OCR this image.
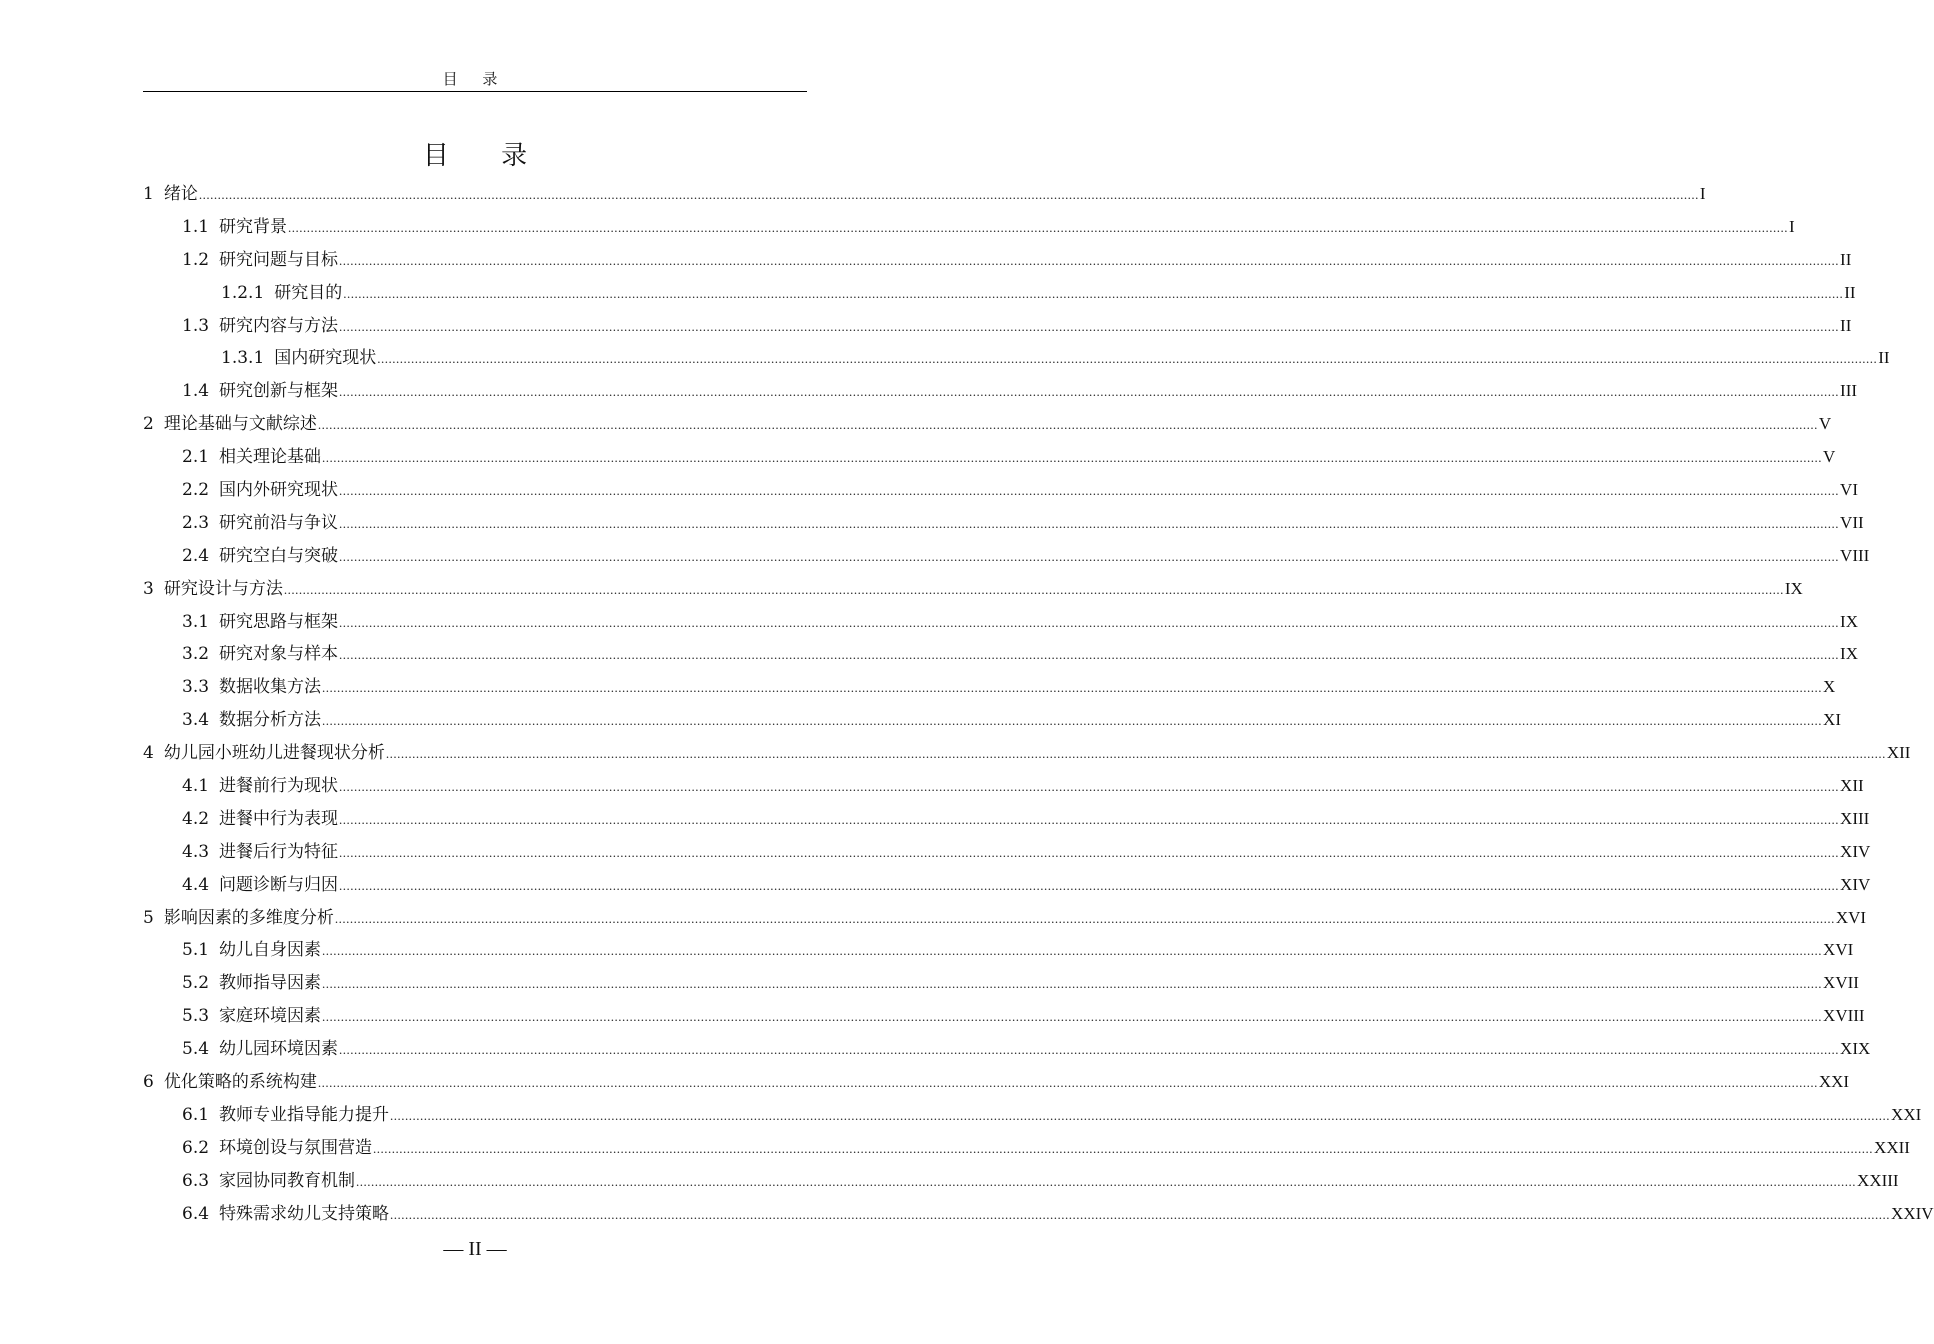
目 录
目 录
1 绪论 ................................................................................................................................................................................................................................................................................................................................................................................................................ I
1.1 研究背景 ................................................................................................................................................................................................................................................................................................................................................................................................................ I
1.2 研究问题与目标 ................................................................................................................................................................................................................................................................................................................................................................................................................ II
1.2.1 研究目的 ................................................................................................................................................................................................................................................................................................................................................................................................................ II
1.3 研究内容与方法 ................................................................................................................................................................................................................................................................................................................................................................................................................ II
1.3.1 国内研究现状 ................................................................................................................................................................................................................................................................................................................................................................................................................ II
1.4 研究创新与框架 ................................................................................................................................................................................................................................................................................................................................................................................................................ III
2 理论基础与文献综述 ................................................................................................................................................................................................................................................................................................................................................................................................................ V
2.1 相关理论基础 ................................................................................................................................................................................................................................................................................................................................................................................................................ V
2.2 国内外研究现状 ................................................................................................................................................................................................................................................................................................................................................................................................................ VI
2.3 研究前沿与争议 ................................................................................................................................................................................................................................................................................................................................................................................................................ VII
2.4 研究空白与突破 ................................................................................................................................................................................................................................................................................................................................................................................................................ VIII
3 研究设计与方法 ................................................................................................................................................................................................................................................................................................................................................................................................................ IX
3.1 研究思路与框架 ................................................................................................................................................................................................................................................................................................................................................................................................................ IX
3.2 研究对象与样本 ................................................................................................................................................................................................................................................................................................................................................................................................................ IX
3.3 数据收集方法 ................................................................................................................................................................................................................................................................................................................................................................................................................ X
3.4 数据分析方法 ................................................................................................................................................................................................................................................................................................................................................................................................................ XI
4 幼儿园小班幼儿进餐现状分析 ................................................................................................................................................................................................................................................................................................................................................................................................................ XII
4.1 进餐前行为现状 ................................................................................................................................................................................................................................................................................................................................................................................................................ XII
4.2 进餐中行为表现 ................................................................................................................................................................................................................................................................................................................................................................................................................ XIII
4.3 进餐后行为特征 ................................................................................................................................................................................................................................................................................................................................................................................................................ XIV
4.4 问题诊断与归因 ................................................................................................................................................................................................................................................................................................................................................................................................................ XIV
5 影响因素的多维度分析 ................................................................................................................................................................................................................................................................................................................................................................................................................ XVI
5.1 幼儿自身因素 ................................................................................................................................................................................................................................................................................................................................................................................................................ XVI
5.2 教师指导因素 ................................................................................................................................................................................................................................................................................................................................................................................................................ XVII
5.3 家庭环境因素 ................................................................................................................................................................................................................................................................................................................................................................................................................ XVIII
5.4 幼儿园环境因素 ................................................................................................................................................................................................................................................................................................................................................................................................................ XIX
6 优化策略的系统构建 ................................................................................................................................................................................................................................................................................................................................................................................................................ XXI
6.1 教师专业指导能力提升 ................................................................................................................................................................................................................................................................................................................................................................................................................ XXI
6.2 环境创设与氛围营造 ................................................................................................................................................................................................................................................................................................................................................................................................................ XXII
6.3 家园协同教育机制 ................................................................................................................................................................................................................................................................................................................................................................................................................ XXIII
6.4 特殊需求幼儿支持策略 ................................................................................................................................................................................................................................................................................................................................................................................................................ XXIV
— II —
